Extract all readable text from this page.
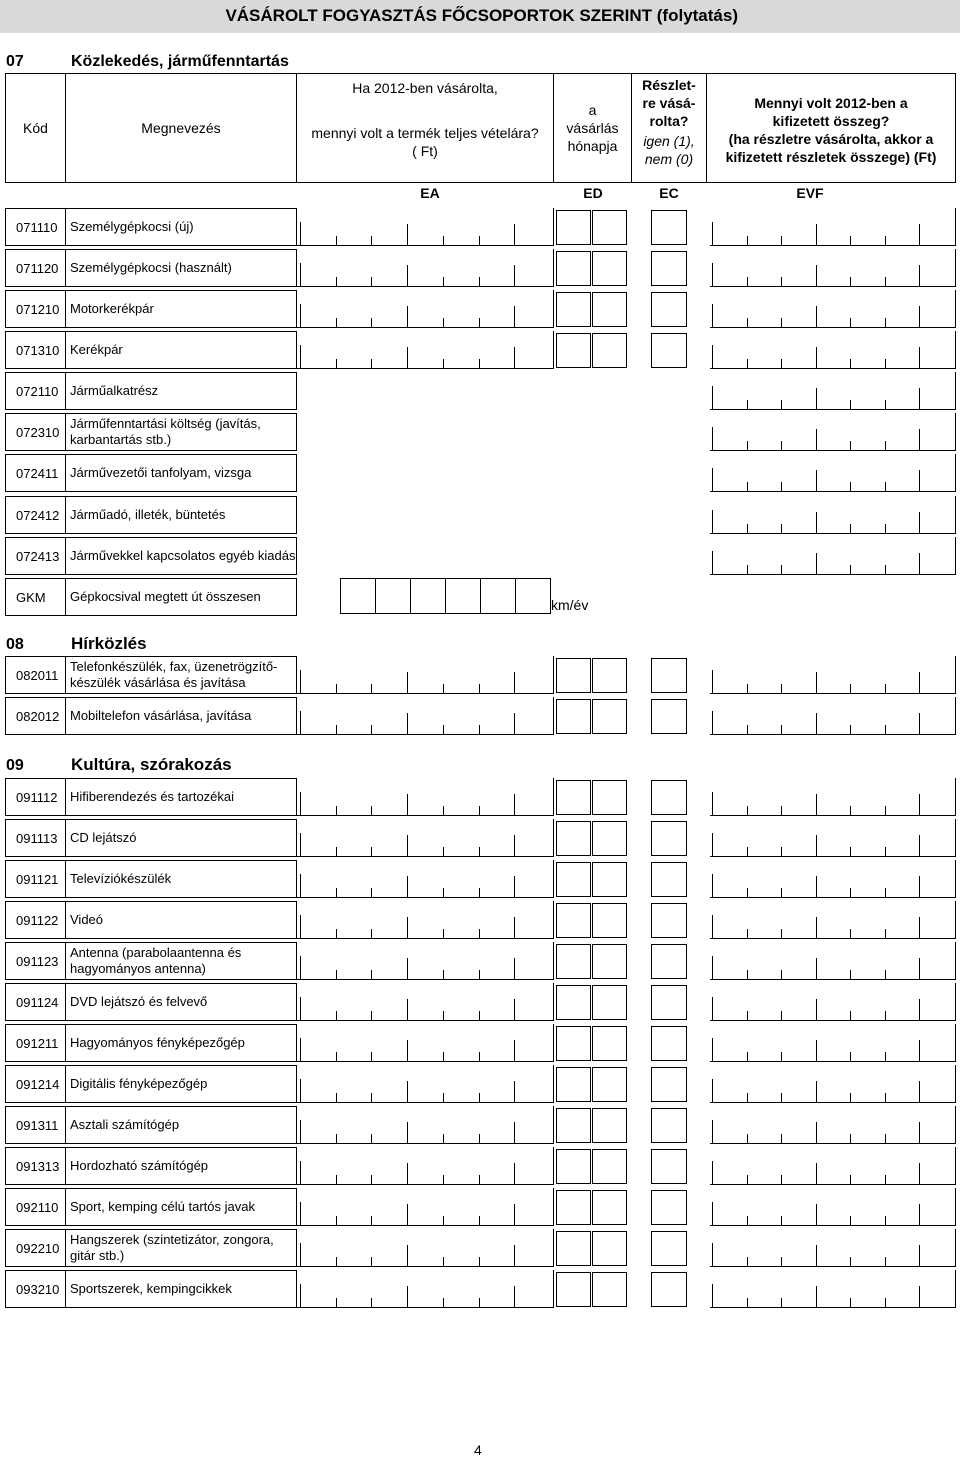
VÁSÁROLT FOGYASZTÁS FŐCSOPORTOK SZERINT (folytatás)
07	Közlekedés, járműfenntartás
Kód	Megnevezés
Ha 2012-ben vásárolta,
mennyi volt a termék teljes vételára?
( Ft)
a
vásárlás
hónapja
Részlet-
re vásá-
rolta?
igen (1),
nem (0)
Mennyi volt 2012-ben a kifizetett összeg?
(ha részletre vásárolta, akkor a kifizetett részletek összege) (Ft)
EA	ED	EC	EVF
08	Hírközlés
09	Kultúra, szórakozás
071110 Személygépkocsi (új)
071120 Személygépkocsi (használt)
071210 Motorkerékpár
071310 Kerékpár
072110 Járműalkatrész
072310
Járműfenntartási költség (javítás, karbantartás stb.)
072411 Járművezetői tanfolyam, vizsga
072412 Járműadó, illeték, büntetés
072413 Járművekkel kapcsolatos egyéb kiadás
GKM	Gépkocsival megtett út összesen
km/év
082011
Telefonkészülék, fax, üzenetrögzítő-készülék vásárlása és javítása
082012 Mobiltelefon vásárlása, javítása
091112 Hifiberendezés és tartozékai
091113 CD lejátszó
091121 Televíziókészülék
091122 Videó
091123
Antenna (parabolaantenna és hagyományos antenna)
091124 DVD lejátszó és felvevő
091211 Hagyományos fényképezőgép
091214 Digitális fényképezőgép
091311 Asztali számítógép
091313 Hordozható számítógép
092110 Sport, kemping célú tartós javak
092210
Hangszerek (szintetizátor, zongora, gitár stb.)
093210 Sportszerek, kempingcikkek
4
